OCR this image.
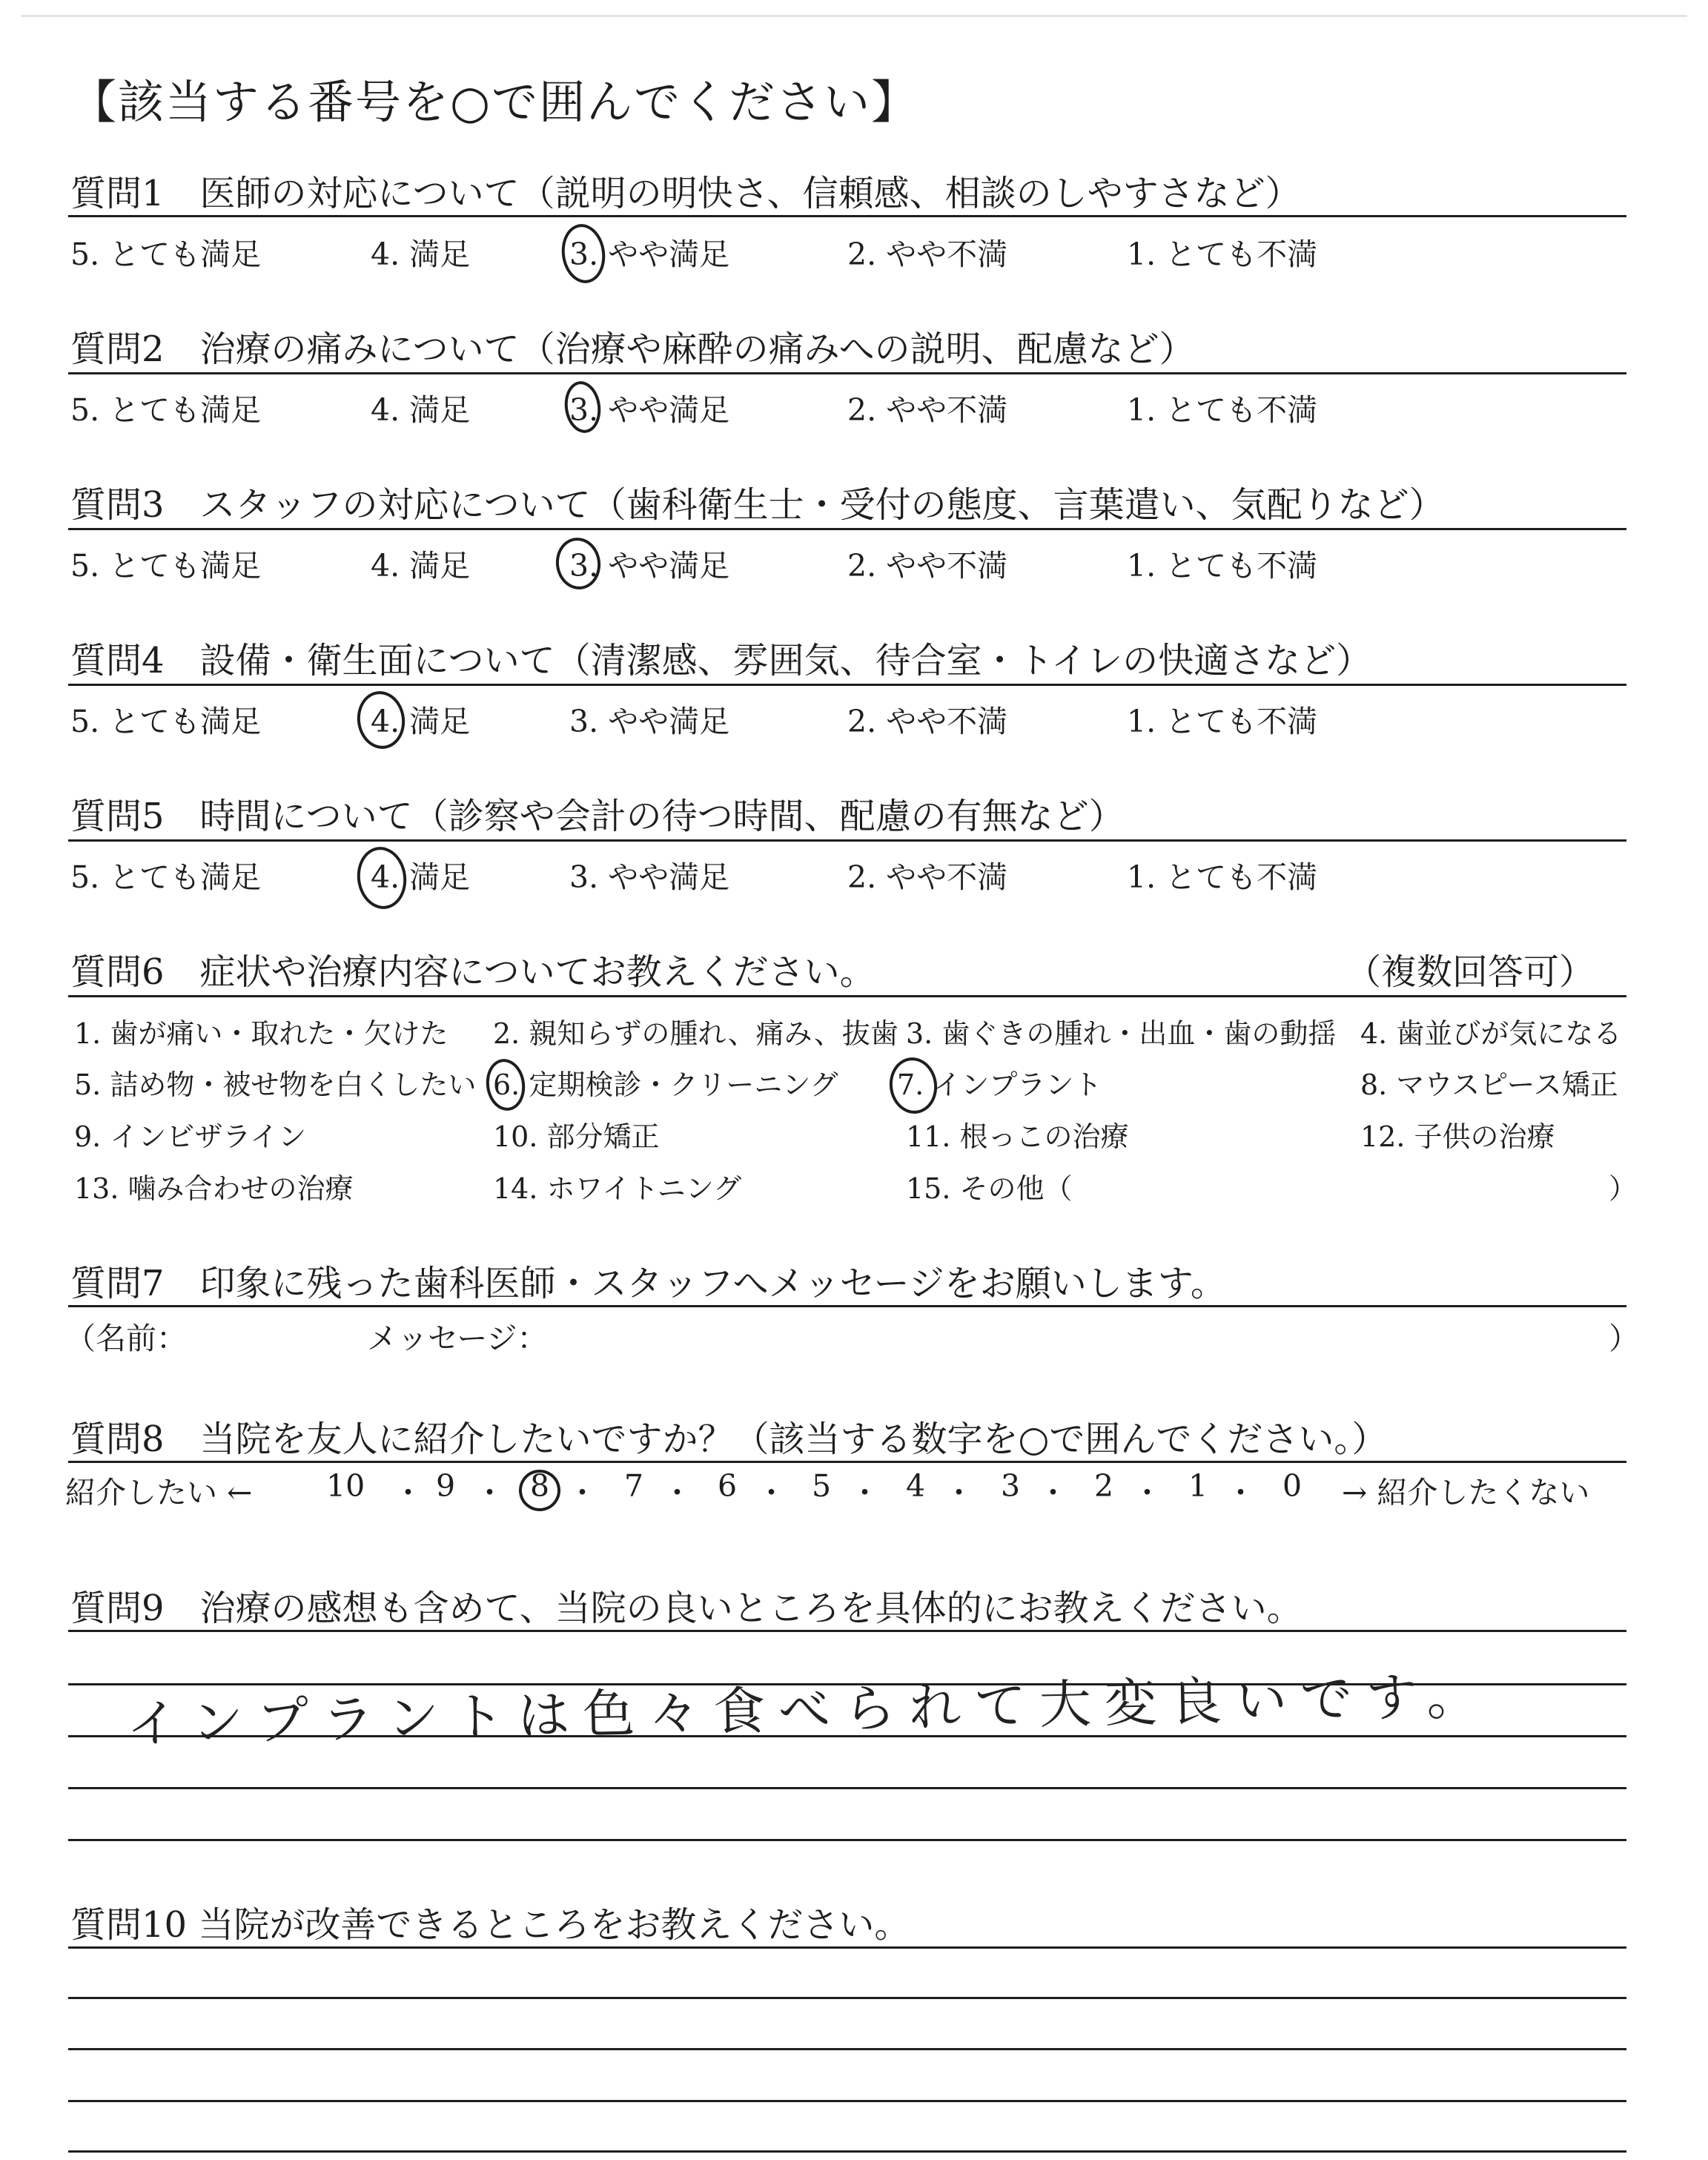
【該当する番号を○で囲んでください】
質問1　医師の対応について（説明の明快さ、信頼感、相談のしやすさなど）
5. とても満足	4. 満足	3. やや満足	2. やや不満	1. とても不満
質問2　治療の痛みについて（治療や麻酔の痛みへの説明、配慮など）
5. とても満足	4. 満足	3. やや満足	2. やや不満	1. とても不満
質問3　スタッフの対応について（歯科衛生士・受付の態度、言葉遣い、気配りなど）
5. とても満足	4. 満足	3. やや満足	2. やや不満	1. とても不満
質問4　設備・衛生面について（清潔感、雰囲気、待合室・トイレの快適さなど）
5. とても満足	4. 満足	3. やや満足	2. やや不満	1. とても不満
質問5　時間について（診察や会計の待つ時間、配慮の有無など）
5. とても満足	4. 満足	3. やや満足	2. やや不満	1. とても不満
質問6　症状や治療内容についてお教えください。	（複数回答可）
1. 歯が痛い・取れた・欠けた 2. 親知らずの腫れ、痛み、抜歯 3. 歯ぐきの腫れ・出血・歯の動揺 4. 歯並びが気になる
5. 詰め物・被せ物を白くしたい 6. 定期検診・クリーニング 7. インプラント	8. マウスピース矯正
9. インビザライン	10. 部分矯正	11. 根っこの治療	12. 子供の治療
13. 噛み合わせの治療	14. ホワイトニング	15. その他（	）
質問7　印象に残った歯科医師・スタッフへメッセージをお願いします。
（名前：	メッセージ：	）
質問8　当院を友人に紹介したいですか？（該当する数字を○で囲んでください。）
紹介したい ←	→ 紹介したくない
10 ・ 9 ・ 8 ・ 7 ・ 6 ・ 5 ・ 4 ・ 3 ・ 2 ・ 1 ・ 0
質問9　治療の感想も含めて、当院の良いところを具体的にお教えください。
インプラントは色々食べられて大変良いです。
質問10 当院が改善できるところをお教えください。
